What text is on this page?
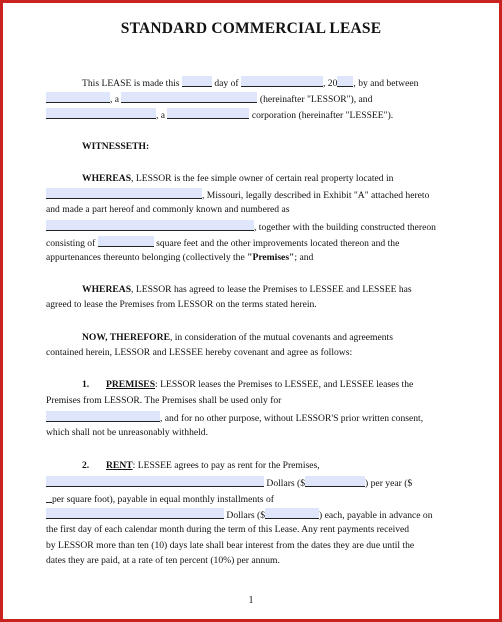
STANDARD COMMERCIAL LEASE
This LEASE is made this	day of	, 20 , by and between
, a	(hereinafter "LESSOR"), and
, a	corporation (hereinafter "LESSEE").
WITNESSETH:
WHEREAS, LESSOR is the fee simple owner of certain real property located in
, Missouri, legally described in Exhibit "A" attached hereto
and made a part hereof and commonly known and numbered as
, together with the building constructed thereon
consisting of	square feet and the other improvements located thereon and the
appurtenances thereunto belonging (collectively the "Premises"; and
WHEREAS, LESSOR has agreed to lease the Premises to LESSEE and LESSEE has
agreed to lease the Premises from LESSOR on the terms stated herein.
NOW, THEREFORE, in consideration of the mutual covenants and agreements
contained herein, LESSOR and LESSEE hereby covenant and agree as follows:
1. PREMISES: LESSOR leases the Premises to LESSEE, and LESSEE leases the
Premises from LESSOR. The Premises shall be used only for
, and for no other purpose, without LESSOR'S prior written consent,
which shall not be unreasonably withheld.
2. RENT: LESSEE agrees to pay as rent for the Premises,
Dollars ($	) per year ($
per square foot), payable in equal monthly installments of
Dollars ($	) each, payable in advance on
the first day of each calendar month during the term of this Lease. Any rent payments received
by LESSOR more than ten (10) days late shall bear interest from the dates they are due until the
dates they are paid, at a rate of ten percent (10%) per annum.
1
